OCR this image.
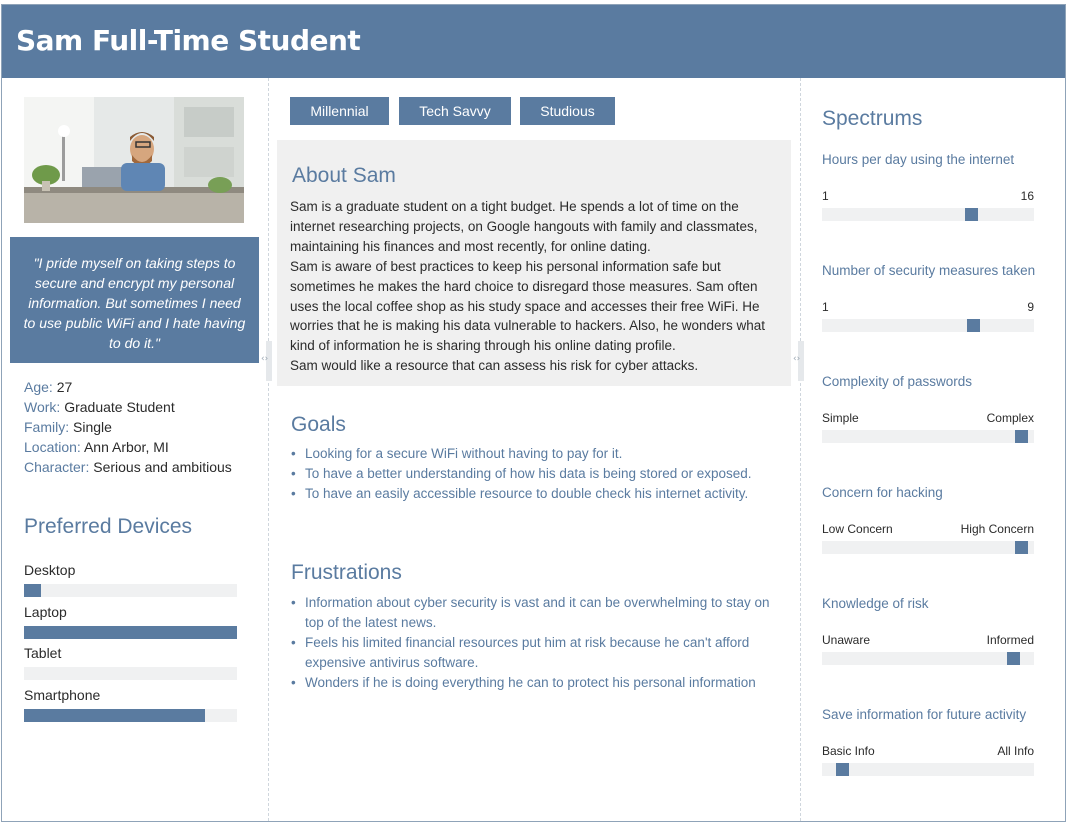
Sam Full-Time Student
‹›	‹›

"I pride myself on taking steps to secure and encrypt my personal information. But sometimes I need to use public WiFi and I hate having to do it."

Age: 27
Work: Graduate Student
Family: Single
Location: Ann Arbor, MI
Character: Serious and ambitious
Preferred Devices
Desktop
Laptop
Tablet
Smartphone
Millennial	Tech Savvy	Studious
About Sam
Sam is a graduate student on a tight budget. He spends a lot of time on the internet researching projects, on Google hangouts with family and classmates, maintaining his finances and most recently, for online dating.
Sam is aware of best practices to keep his personal information safe but sometimes he makes the hard choice to disregard those measures. Sam often uses the local coffee shop as his study space and accesses their free WiFi. He worries that he is making his data vulnerable to hackers. Also, he wonders what kind of information he is sharing through his online dating profile.
Sam would like a resource that can assess his risk for cyber attacks.
Goals
• Looking for a secure WiFi without having to pay for it.
• To have a better understanding of how his data is being stored or exposed.
• To have an easily accessible resource to double check his internet activity.
Frustrations
• Information about cyber security is vast and it can be overwhelming to stay on top of the latest news.
• Feels his limited financial resources put him at risk because he can't afford expensive antivirus software.
• Wonders if he is doing everything he can to protect his personal information
Spectrums
Hours per day using the internet
1	16
Number of security measures taken
1	9
Complexity of passwords
Simple	Complex
Concern for hacking
Low Concern	High Concern
Knowledge of risk
Unaware	Informed
Save information for future activity
Basic Info	All Info
